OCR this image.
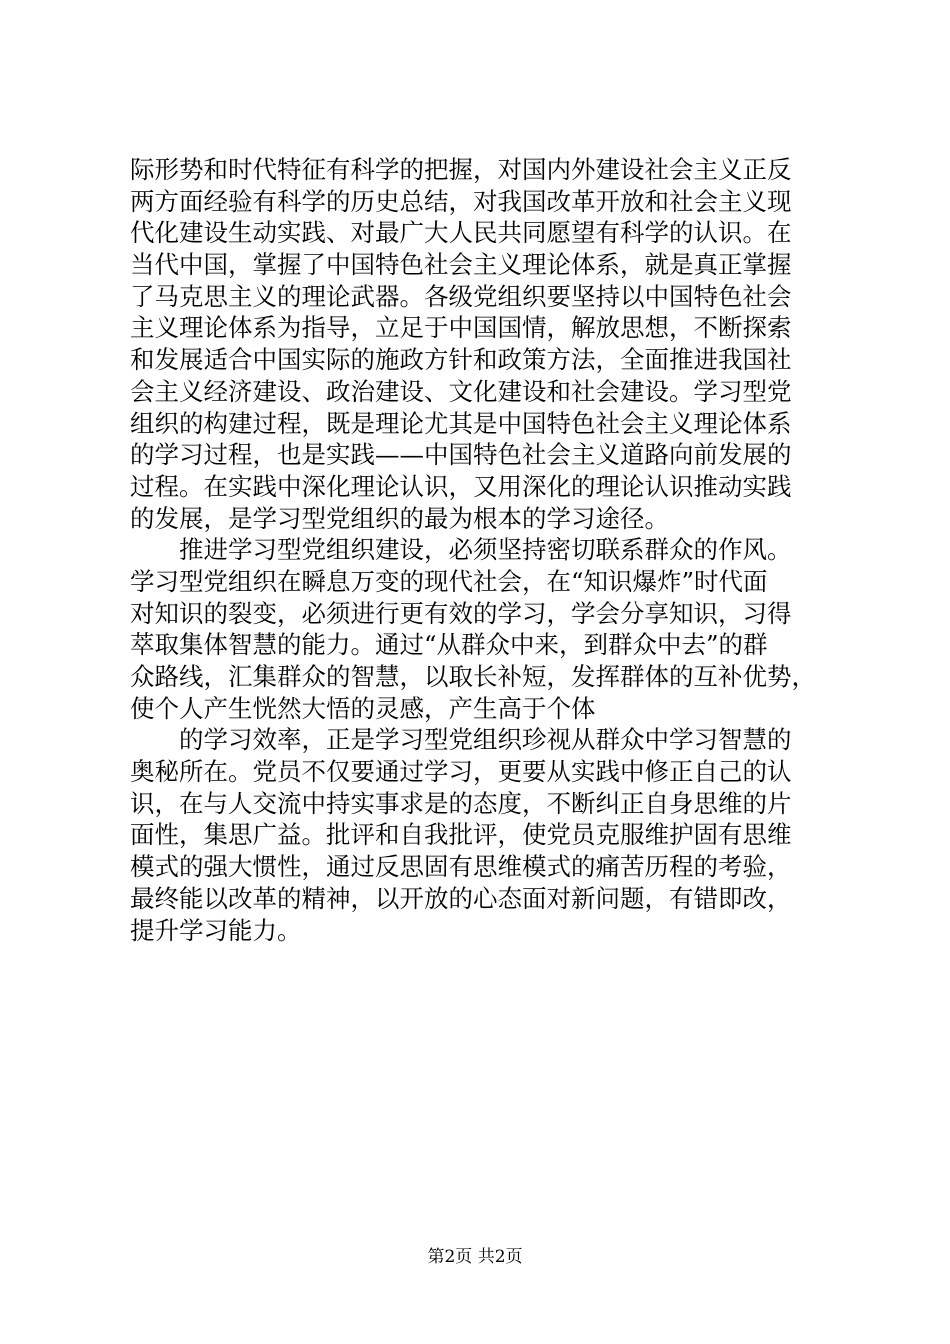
际形势和时代特征有科学的把握，对国内外建设社会主义正反
两方面经验有科学的历史总结，对我国改革开放和社会主义现
代化建设生动实践、对最广大人民共同愿望有科学的认识。在
当代中国，掌握了中国特色社会主义理论体系，就是真正掌握
了马克思主义的理论武器。各级党组织要坚持以中国特色社会
主义理论体系为指导，立足于中国国情，解放思想，不断探索
和发展适合中国实际的施政方针和政策方法，全面推进我国社
会主义经济建设、政治建设、文化建设和社会建设。学习型党
组织的构建过程，既是理论尤其是中国特色社会主义理论体系
的学习过程，也是实践——中国特色社会主义道路向前发展的
过程。在实践中深化理论认识，又用深化的理论认识推动实践
的发展，是学习型党组织的最为根本的学习途径。
　　推进学习型党组织建设，必须坚持密切联系群众的作风。
学习型党组织在瞬息万变的现代社会，在“知识爆炸”时代面
对知识的裂变，必须进行更有效的学习，学会分享知识，习得
萃取集体智慧的能力。通过“从群众中来，到群众中去”的群
众路线，汇集群众的智慧，以取长补短，发挥群体的互补优势，
使个人产生恍然大悟的灵感，产生高于个体
　　的学习效率，正是学习型党组织珍视从群众中学习智慧的
奥秘所在。党员不仅要通过学习，更要从实践中修正自己的认
识，在与人交流中持实事求是的态度，不断纠正自身思维的片
面性，集思广益。批评和自我批评，使党员克服维护固有思维
模式的强大惯性，通过反思固有思维模式的痛苦历程的考验，
最终能以改革的精神，以开放的心态面对新问题，有错即改，
提升学习能力。
第2页 共2页
